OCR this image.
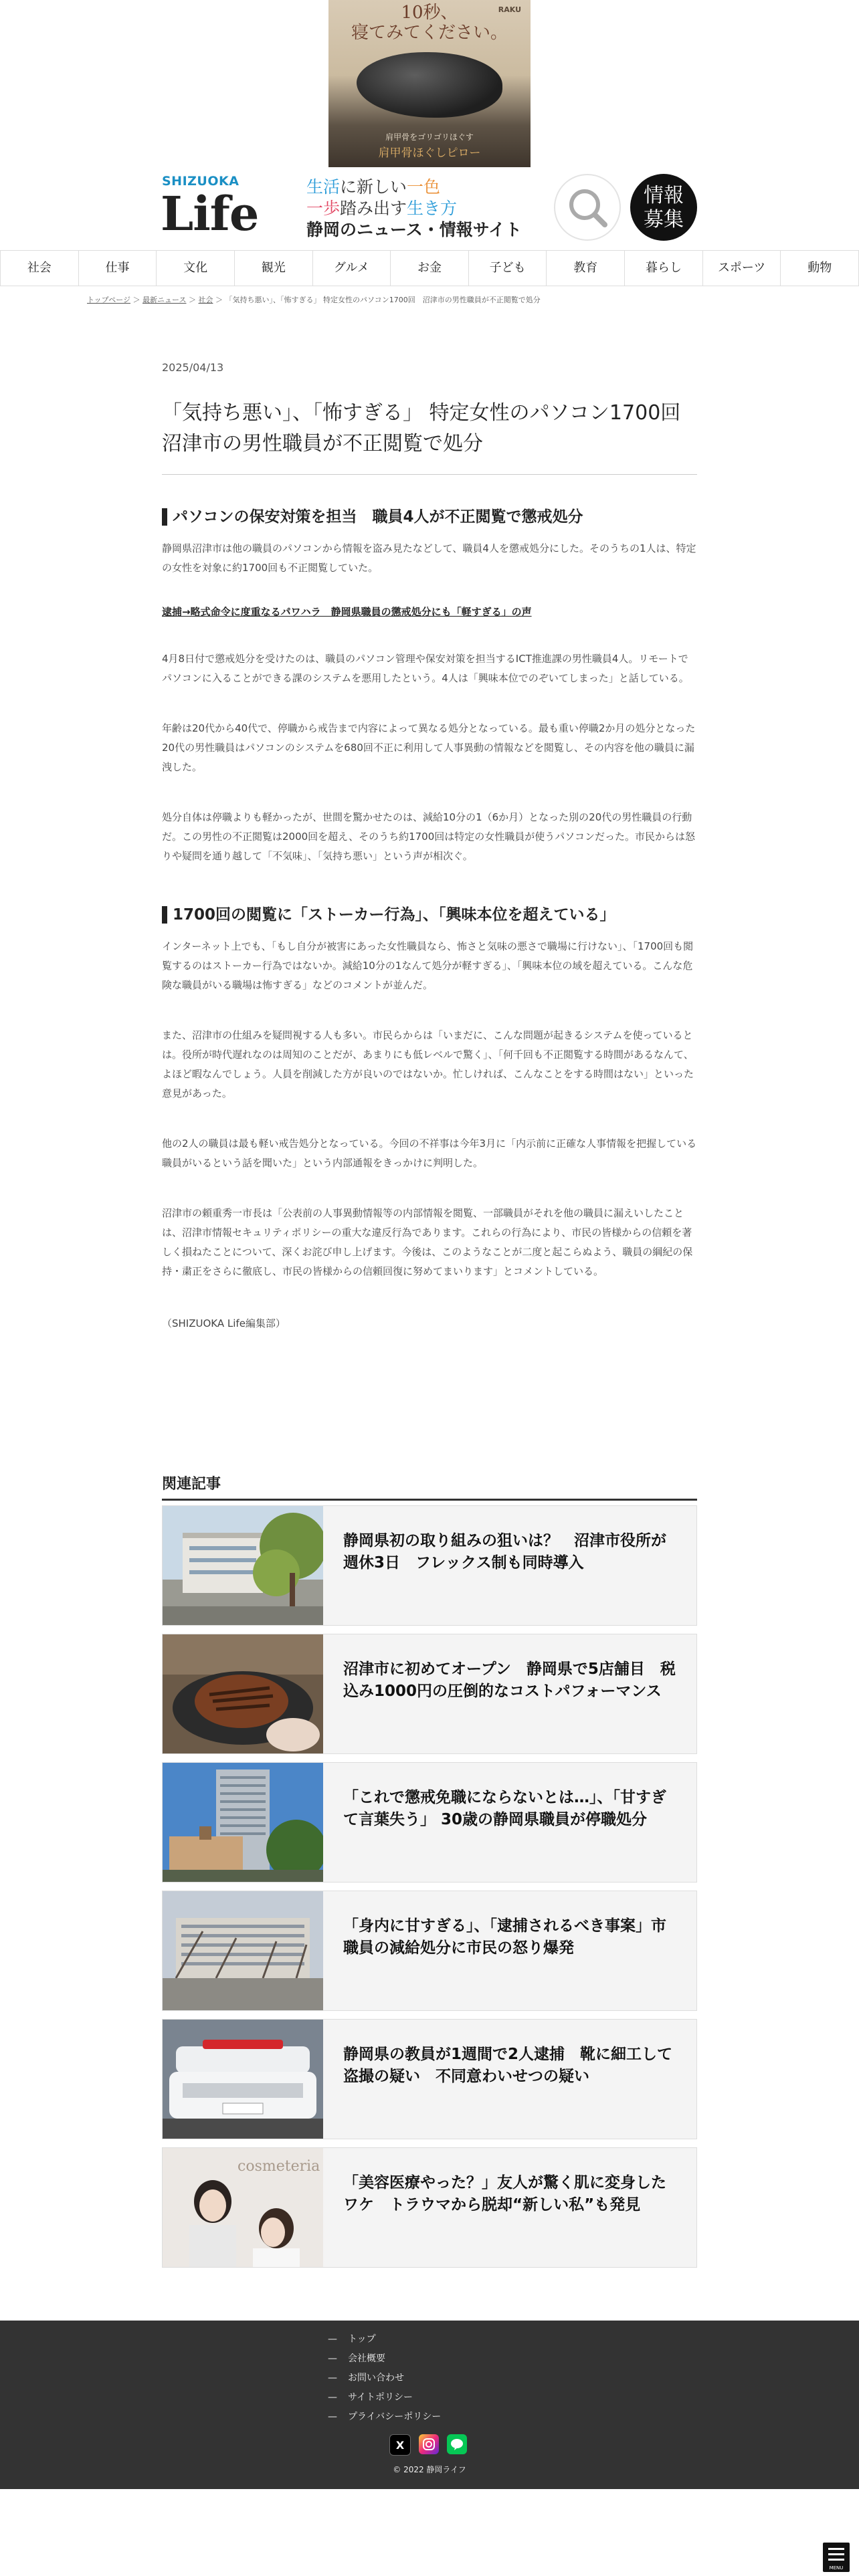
10秒、
寝てみてください。
RAKU
肩甲骨をゴリゴリほぐす
肩甲骨ほぐしピロー
SHIZUOKA
Life	生活に新しい一色
一歩踏み出す生き方
静岡のニュース・情報サイト
情報
募集
社会	仕事	文化	観光	グルメ	お金	子ども	教育	暮らし	スポーツ	動物
トップページ ＞ 最新ニュース ＞ 社会 ＞ 「気持ち悪い」、「怖すぎる」 特定女性のパソコン1700回　沼津市の男性職員が不正閲覧で処分
2025/04/13
「気持ち悪い」、「怖すぎる」 特定女性のパソコン1700回　沼津市の男性職員が不正閲覧で処分
パソコンの保安対策を担当　職員4人が不正閲覧で懲戒処分
静岡県沼津市は他の職員のパソコンから情報を盗み見たなどして、職員4人を懲戒処分にした。そのうちの1人は、特定の女性を対象に約1700回も不正閲覧していた。
逮捕→略式命令に度重なるパワハラ　静岡県職員の懲戒処分にも「軽すぎる」の声
4月8日付で懲戒処分を受けたのは、職員のパソコン管理や保安対策を担当するICT推進課の男性職員4人。リモートでパソコンに入ることができる課のシステムを悪用したという。4人は「興味本位でのぞいてしまった」と話している。
年齢は20代から40代で、停職から戒告まで内容によって異なる処分となっている。最も重い停職2か月の処分となった20代の男性職員はパソコンのシステムを680回不正に利用して人事異動の情報などを閲覧し、その内容を他の職員に漏洩した。
処分自体は停職よりも軽かったが、世間を驚かせたのは、減給10分の1（6か月）となった別の20代の男性職員の行動だ。この男性の不正閲覧は2000回を超え、そのうち約1700回は特定の女性職員が使うパソコンだった。市民からは怒りや疑問を通り越して「不気味」、「気持ち悪い」という声が相次ぐ。
1700回の閲覧に「ストーカー行為」、「興味本位を超えている」
インターネット上でも、「もし自分が被害にあった女性職員なら、怖さと気味の悪さで職場に行けない」、「1700回も閲覧するのはストーカー行為ではないか。減給10分の1なんて処分が軽すぎる」、「興味本位の域を超えている。こんな危険な職員がいる職場は怖すぎる」などのコメントが並んだ。
また、沼津市の仕組みを疑問視する人も多い。市民らからは「いまだに、こんな問題が起きるシステムを使っているとは。役所が時代遅れなのは周知のことだが、あまりにも低レベルで驚く」、「何千回も不正閲覧する時間があるなんて、よほど暇なんでしょう。人員を削減した方が良いのではないか。忙しければ、こんなことをする時間はない」といった意見があった。
他の2人の職員は最も軽い戒告処分となっている。今回の不祥事は今年3月に「内示前に正確な人事情報を把握している職員がいるという話を聞いた」という内部通報をきっかけに判明した。
沼津市の頼重秀一市長は「公表前の人事異動情報等の内部情報を閲覧、一部職員がそれを他の職員に漏えいしたことは、沼津市情報セキュリティポリシーの重大な違反行為であります。これらの行為により、市民の皆様からの信頼を著しく損ねたことについて、深くお詫び申し上げます。今後は、このようなことが二度と起こらぬよう、職員の綱紀の保持・粛正をさらに徹底し、市民の皆様からの信頼回復に努めてまいります」とコメントしている。
（SHIZUOKA Life編集部）
関連記事
静岡県初の取り組みの狙いは？　沼津市役所が週休3日　フレックス制も同時導入
沼津市に初めてオープン　静岡県で5店舗目　税込み1000円の圧倒的なコストパフォーマンス
「これで懲戒免職にならないとは…」、「甘すぎて言葉失う」 30歳の静岡県職員が停職処分
「身内に甘すぎる」、「逮捕されるべき事案」市職員の減給処分に市民の怒り爆発
静岡県の教員が1週間で2人逮捕　靴に細工して盗撮の疑い　不同意わいせつの疑い
cosmeteria
「美容医療やった？」友人が驚く肌に変身したワケ　トラウマから脱却“新しい私”も発見
— トップ
— 会社概要
— お問い合わせ
— サイトポリシー
— プライバシーポリシー
X
© 2022 静岡ライフ
MENU
